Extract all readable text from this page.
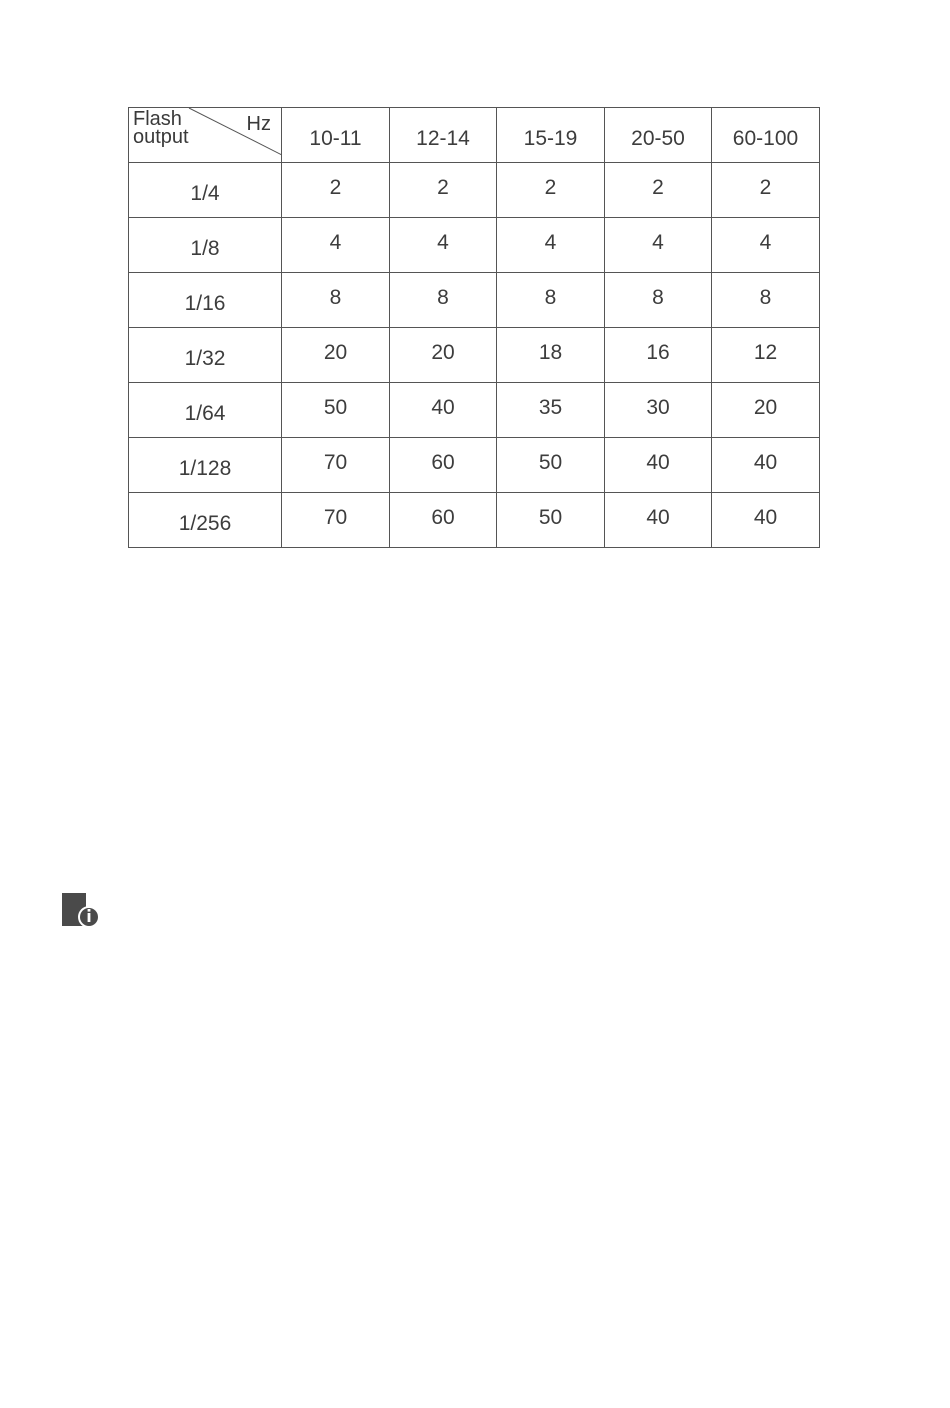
Flash
output
Hz	10-11	12-14	15-19	20-50	60-100
1/4	2	2	2	2	2
1/8	4	4	4	4	4
1/16	8	8	8	8	8
1/32	20	20	18	16	12
1/64	50	40	35	30	20
1/128	70	60	50	40	40
1/256	70	60	50	40	40
